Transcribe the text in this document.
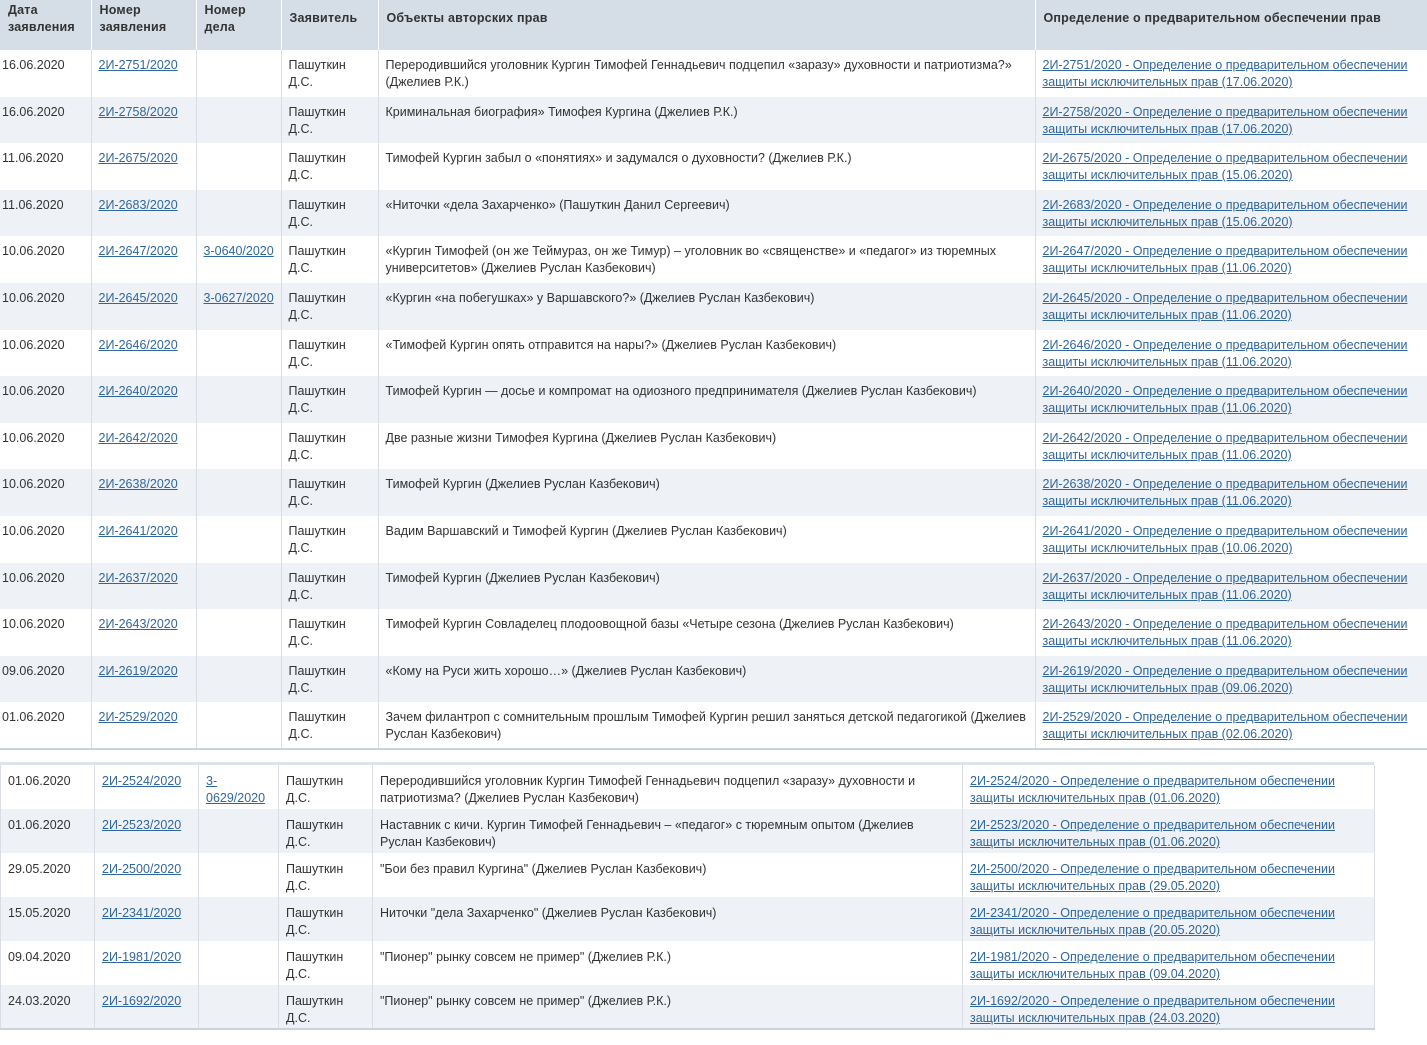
Дата заявления	Номер заявления	Номер дела	Заявитель	Объекты авторских прав	Определение о предварительном обеспечении прав
16.06.2020	2И-2751/2020		Пашуткин Д.С.	Переродившийся уголовник Кургин Тимофей Геннадьевич подцепил «заразу» духовности и патриотизма?» (Джелиев Р.К.)	2И-2751/2020 - Определение о предварительном обеспечении защиты исключительных прав (17.06.2020)
16.06.2020	2И-2758/2020		Пашуткин Д.С.	Криминальная биография» Тимофея Кургина (Джелиев Р.К.)	2И-2758/2020 - Определение о предварительном обеспечении защиты исключительных прав (17.06.2020)
11.06.2020	2И-2675/2020		Пашуткин Д.С.	Тимофей Кургин забыл о «понятиях» и задумался о духовности? (Джелиев Р.К.)	2И-2675/2020 - Определение о предварительном обеспечении защиты исключительных прав (15.06.2020)
11.06.2020	2И-2683/2020		Пашуткин Д.С.	«Ниточки «дела Захарченко» (Пашуткин Данил Сергеевич)	2И-2683/2020 - Определение о предварительном обеспечении защиты исключительных прав (15.06.2020)
10.06.2020	2И-2647/2020	3-0640/2020	Пашуткин Д.С.	«Кургин Тимофей (он же Теймураз, он же Тимур) – уголовник во «священстве» и «педагог» из тюремных университетов» (Джелиев Руслан Казбекович)	2И-2647/2020 - Определение о предварительном обеспечении защиты исключительных прав (11.06.2020)
10.06.2020	2И-2645/2020	3-0627/2020	Пашуткин Д.С.	«Кургин «на побегушках» у Варшавского?» (Джелиев Руслан Казбекович)	2И-2645/2020 - Определение о предварительном обеспечении защиты исключительных прав (11.06.2020)
10.06.2020	2И-2646/2020		Пашуткин Д.С.	«Тимофей Кургин опять отправится на нары?» (Джелиев Руслан Казбекович)	2И-2646/2020 - Определение о предварительном обеспечении защиты исключительных прав (11.06.2020)
10.06.2020	2И-2640/2020		Пашуткин Д.С.	Тимофей Кургин — досье и компромат на одиозного предпринимателя (Джелиев Руслан Казбекович)	2И-2640/2020 - Определение о предварительном обеспечении защиты исключительных прав (11.06.2020)
10.06.2020	2И-2642/2020		Пашуткин Д.С.	Две разные жизни Тимофея Кургина (Джелиев Руслан Казбекович)	2И-2642/2020 - Определение о предварительном обеспечении защиты исключительных прав (11.06.2020)
10.06.2020	2И-2638/2020		Пашуткин Д.С.	Тимофей Кургин (Джелиев Руслан Казбекович)	2И-2638/2020 - Определение о предварительном обеспечении защиты исключительных прав (11.06.2020)
10.06.2020	2И-2641/2020		Пашуткин Д.С.	Вадим Варшавский и Тимофей Кургин (Джелиев Руслан Казбекович)	2И-2641/2020 - Определение о предварительном обеспечении защиты исключительных прав (10.06.2020)
10.06.2020	2И-2637/2020		Пашуткин Д.С.	Тимофей Кургин (Джелиев Руслан Казбекович)	2И-2637/2020 - Определение о предварительном обеспечении защиты исключительных прав (11.06.2020)
10.06.2020	2И-2643/2020		Пашуткин Д.С.	Тимофей Кургин Совладелец плодоовощной базы «Четыре сезона (Джелиев Руслан Казбекович)	2И-2643/2020 - Определение о предварительном обеспечении защиты исключительных прав (11.06.2020)
09.06.2020	2И-2619/2020		Пашуткин Д.С.	«Кому на Руси жить хорошо…» (Джелиев Руслан Казбекович)	2И-2619/2020 - Определение о предварительном обеспечении защиты исключительных прав (09.06.2020)
01.06.2020	2И-2529/2020		Пашуткин Д.С.	Зачем филантроп с сомнительным прошлым Тимофей Кургин решил заняться детской педагогикой (Джелиев Руслан Казбекович)	2И-2529/2020 - Определение о предварительном обеспечении защиты исключительных прав (02.06.2020)
01.06.2020	2И-2524/2020	3-0629/2020	Пашуткин Д.С.	Переродившийся уголовник Кургин Тимофей Геннадьевич подцепил «заразу» духовности и патриотизма? (Джелиев Руслан Казбекович)	2И-2524/2020 - Определение о предварительном обеспечении защиты исключительных прав (01.06.2020)
01.06.2020	2И-2523/2020		Пашуткин Д.С.	Наставник с кичи. Кургин Тимофей Геннадьевич – «педагог» с тюремным опытом (Джелиев Руслан Казбекович)	2И-2523/2020 - Определение о предварительном обеспечении защиты исключительных прав (01.06.2020)
29.05.2020	2И-2500/2020		Пашуткин Д.С.	"Бои без правил Кургина" (Джелиев Руслан Казбекович)	2И-2500/2020 - Определение о предварительном обеспечении защиты исключительных прав (29.05.2020)
15.05.2020	2И-2341/2020		Пашуткин Д.С.	Ниточки "дела Захарченко" (Джелиев Руслан Казбекович)	2И-2341/2020 - Определение о предварительном обеспечении защиты исключительных прав (20.05.2020)
09.04.2020	2И-1981/2020		Пашуткин Д.С.	"Пионер" рынку совсем не пример" (Джелиев Р.К.)	2И-1981/2020 - Определение о предварительном обеспечении защиты исключительных прав (09.04.2020)
24.03.2020	2И-1692/2020		Пашуткин Д.С.	"Пионер" рынку совсем не пример" (Джелиев Р.К.)	2И-1692/2020 - Определение о предварительном обеспечении защиты исключительных прав (24.03.2020)
